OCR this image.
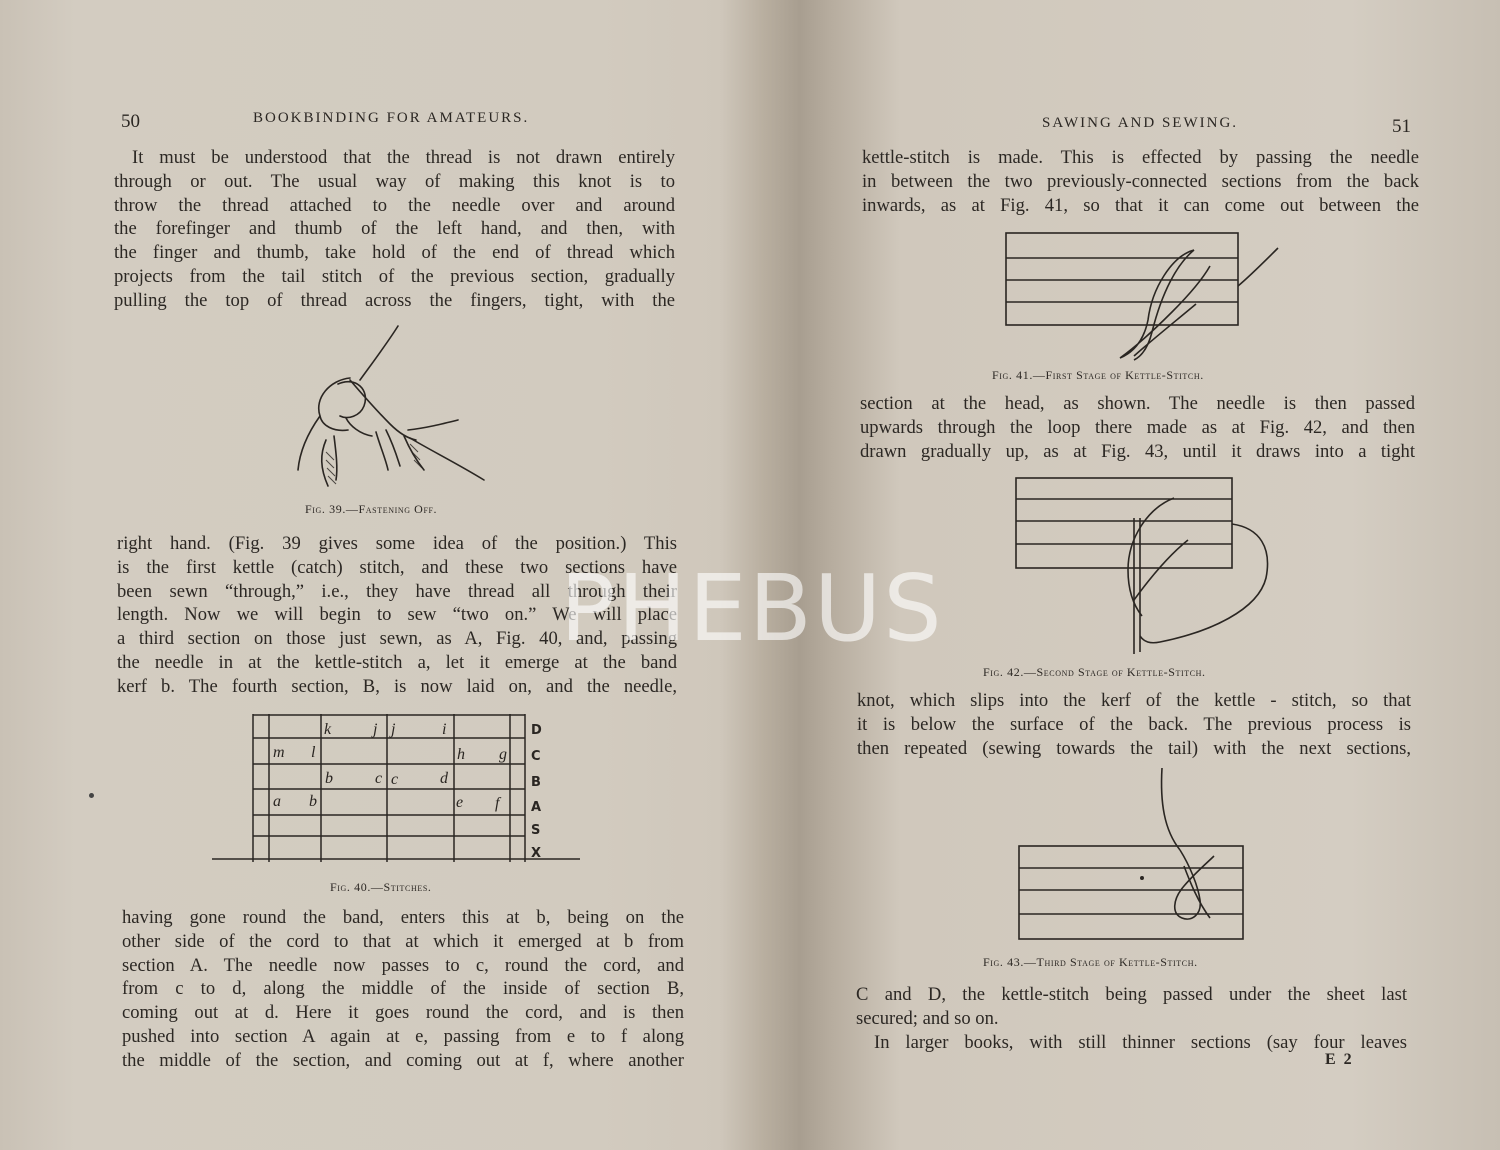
50	BOOKBINDING FOR AMATEURS.
It must be understood that the thread is not drawn entirely
through or out. The usual way of making this knot is to
throw the thread attached to the needle over and around
the forefinger and thumb of the left hand, and then, with
the finger and thumb, take hold of the end of thread which
projects from the tail stitch of the previous section, gradually
pulling the top of thread across the fingers, tight, with the
Fig. 39.—Fastening Off.
right hand. (Fig. 39 gives some idea of the position.) This
is the first kettle (catch) stitch, and these two sections have
been sewn “through,” i.e., they have thread all through their
length. Now we will begin to sew “two on.” We will place
a third section on those just sewn, as A, Fig. 40, and, passing
the needle in at the kettle-stitch a, let it emerge at the band
kerf b. The fourth section, B, is now laid on, and the needle,
k	j j	i
m l	h g
b	c c	d
a b	e f
D
C
B
A
S
X
Fig. 40.—Stitches.
having gone round the band, enters this at b, being on the
other side of the cord to that at which it emerged at b from
section A. The needle now passes to c, round the cord, and
from c to d, along the middle of the inside of section B,
coming out at d. Here it goes round the cord, and is then
pushed into section A again at e, passing from e to f along
the middle of the section, and coming out at f, where another
SAWING AND SEWING.	51
kettle-stitch is made. This is effected by passing the needle
in between the two previously-connected sections from the back
inwards, as at Fig. 41, so that it can come out between the
Fig. 41.—First Stage of Kettle-Stitch.
section at the head, as shown. The needle is then passed
upwards through the loop there made as at Fig. 42, and then
drawn gradually up, as at Fig. 43, until it draws into a tight
Fig. 42.—Second Stage of Kettle-Stitch.
knot, which slips into the kerf of the kettle - stitch, so that
it is below the surface of the back. The previous process is
then repeated (sewing towards the tail) with the next sections,
Fig. 43.—Third Stage of Kettle-Stitch.
C and D, the kettle-stitch being passed under the sheet last
secured; and so on.
In larger books, with still thinner sections (say four leaves
E 2
PHEBUS
